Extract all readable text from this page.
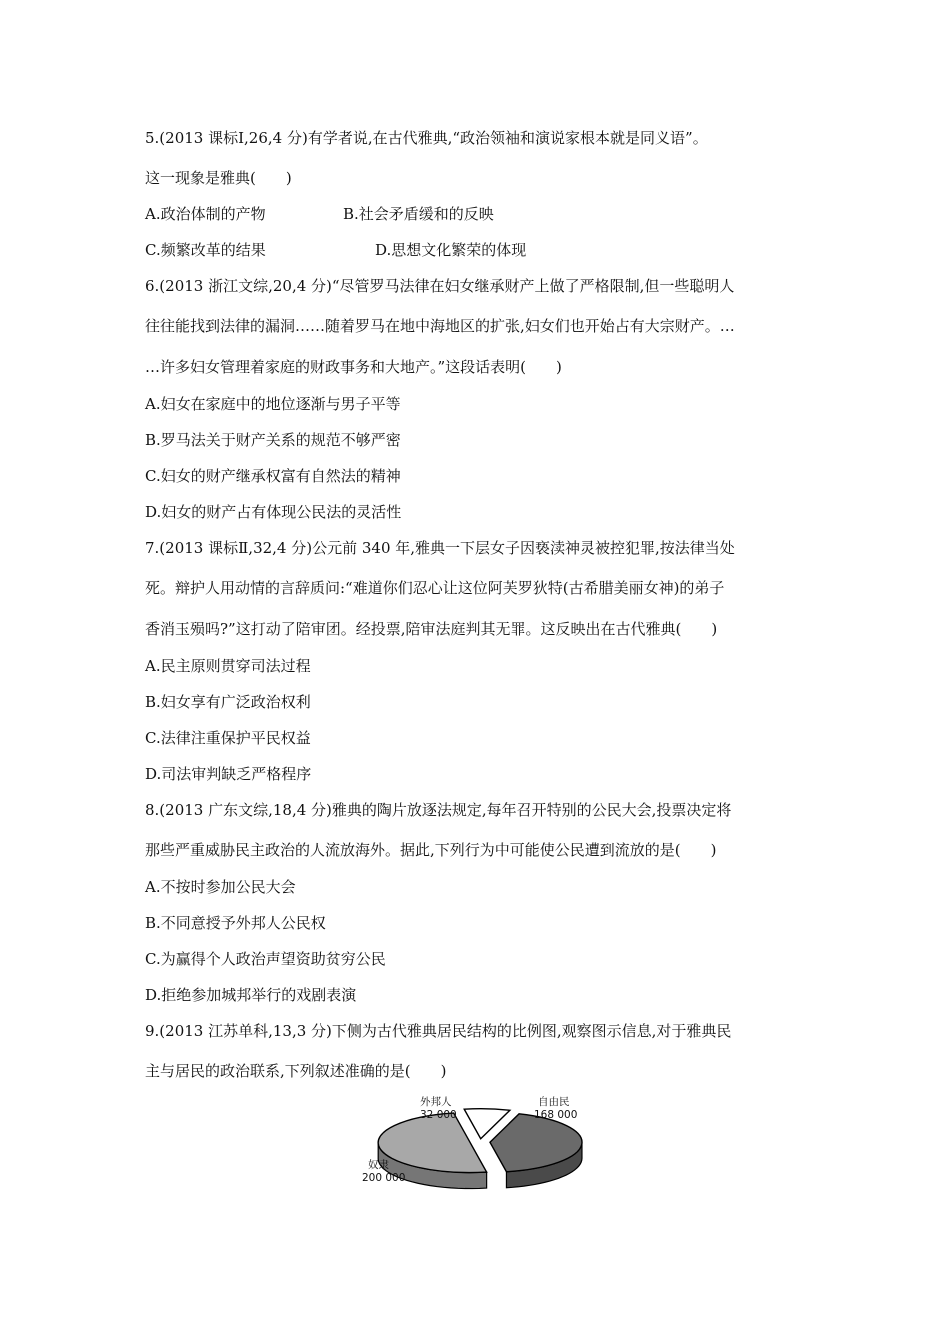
5.(2013 课标Ⅰ,26,4 分)有学者说,在古代雅典,“政治领袖和演说家根本就是同义语”。
这一现象是雅典(　　)
A.政治体制的产物	B.社会矛盾缓和的反映
C.频繁改革的结果	D.思想文化繁荣的体现
6.(2013 浙江文综,20,4 分)“尽管罗马法律在妇女继承财产上做了严格限制,但一些聪明人
往往能找到法律的漏洞……随着罗马在地中海地区的扩张,妇女们也开始占有大宗财产。…
…许多妇女管理着家庭的财政事务和大地产。”这段话表明(　　)
A.妇女在家庭中的地位逐渐与男子平等
B.罗马法关于财产关系的规范不够严密
C.妇女的财产继承权富有自然法的精神
D.妇女的财产占有体现公民法的灵活性
7.(2013 课标Ⅱ,32,4 分)公元前 340 年,雅典一下层女子因亵渎神灵被控犯罪,按法律当处
死。辩护人用动情的言辞质问:“难道你们忍心让这位阿芙罗狄特(古希腊美丽女神)的弟子
香消玉殒吗?”这打动了陪审团。经投票,陪审法庭判其无罪。这反映出在古代雅典(　　)
A.民主原则贯穿司法过程
B.妇女享有广泛政治权利
C.法律注重保护平民权益
D.司法审判缺乏严格程序
8.(2013 广东文综,18,4 分)雅典的陶片放逐法规定,每年召开特别的公民大会,投票决定将
那些严重威胁民主政治的人流放海外。据此,下列行为中可能使公民遭到流放的是(　　)
A.不按时参加公民大会
B.不同意授予外邦人公民权
C.为赢得个人政治声望资助贫穷公民
D.拒绝参加城邦举行的戏剧表演
9.(2013 江苏单科,13,3 分)下侧为古代雅典居民结构的比例图,观察图示信息,对于雅典民
主与居民的政治联系,下列叙述准确的是(　　)
外邦人
32 000
自由民
168 000
奴隶
200 000
